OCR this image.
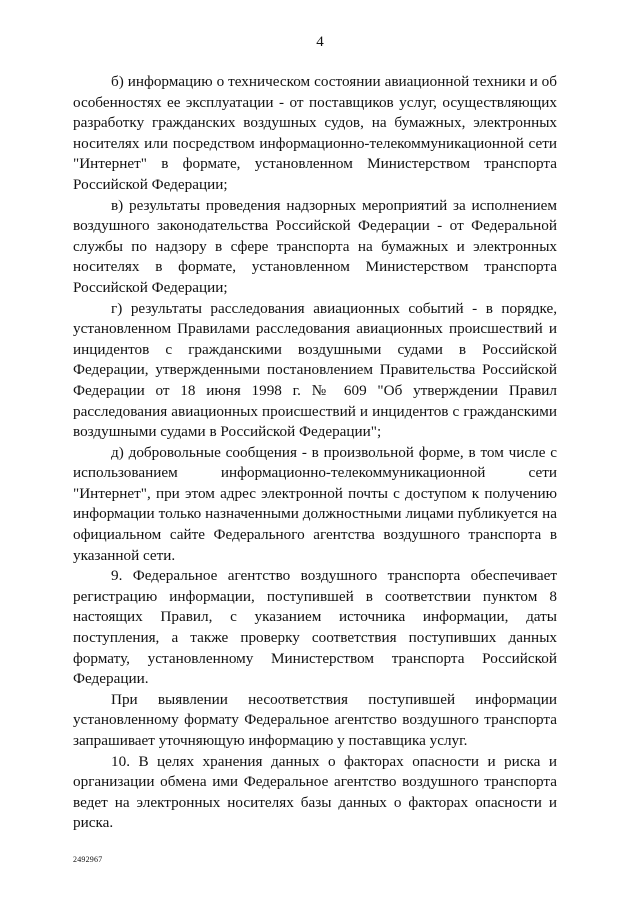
4

б) информацию о техническом состоянии авиационной техники и об особенностях ее эксплуатации - от поставщиков услуг, осуществляющих разработку гражданских воздушных судов, на бумажных, электронных носителях или посредством информационно-телекоммуникационной сети "Интернет" в формате, установленном Министерством транспорта Российской Федерации;

в) результаты проведения надзорных мероприятий за исполнением воздушного законодательства Российской Федерации - от Федеральной службы по надзору в сфере транспорта на бумажных и электронных носителях в формате, установленном Министерством транспорта Российской Федерации;

г) результаты расследования авиационных событий - в порядке, установленном Правилами расследования авиационных происшествий и инцидентов с гражданскими воздушными судами в Российской Федерации, утвержденными постановлением Правительства Российской Федерации от 18 июня 1998 г. № 609 "Об утверждении Правил расследования авиационных происшествий и инцидентов с гражданскими воздушными судами в Российской Федерации";

д) добровольные сообщения - в произвольной форме, в том числе с использованием информационно-телекоммуникационной сети "Интернет", при этом адрес электронной почты с доступом к получению информации только назначенными должностными лицами публикуется на официальном сайте Федерального агентства воздушного транспорта в указанной сети.

9. Федеральное агентство воздушного транспорта обеспечивает регистрацию информации, поступившей в соответствии пунктом 8 настоящих Правил, с указанием источника информации, даты поступления, а также проверку соответствия поступивших данных формату, установленному Министерством транспорта Российской Федерации.

При выявлении несоответствия поступившей информации установленному формату Федеральное агентство воздушного транспорта запрашивает уточняющую информацию у поставщика услуг.

10. В целях хранения данных о факторах опасности и риска и организации обмена ими Федеральное агентство воздушного транспорта ведет на электронных носителях базы данных о факторах опасности и риска.

2492967
